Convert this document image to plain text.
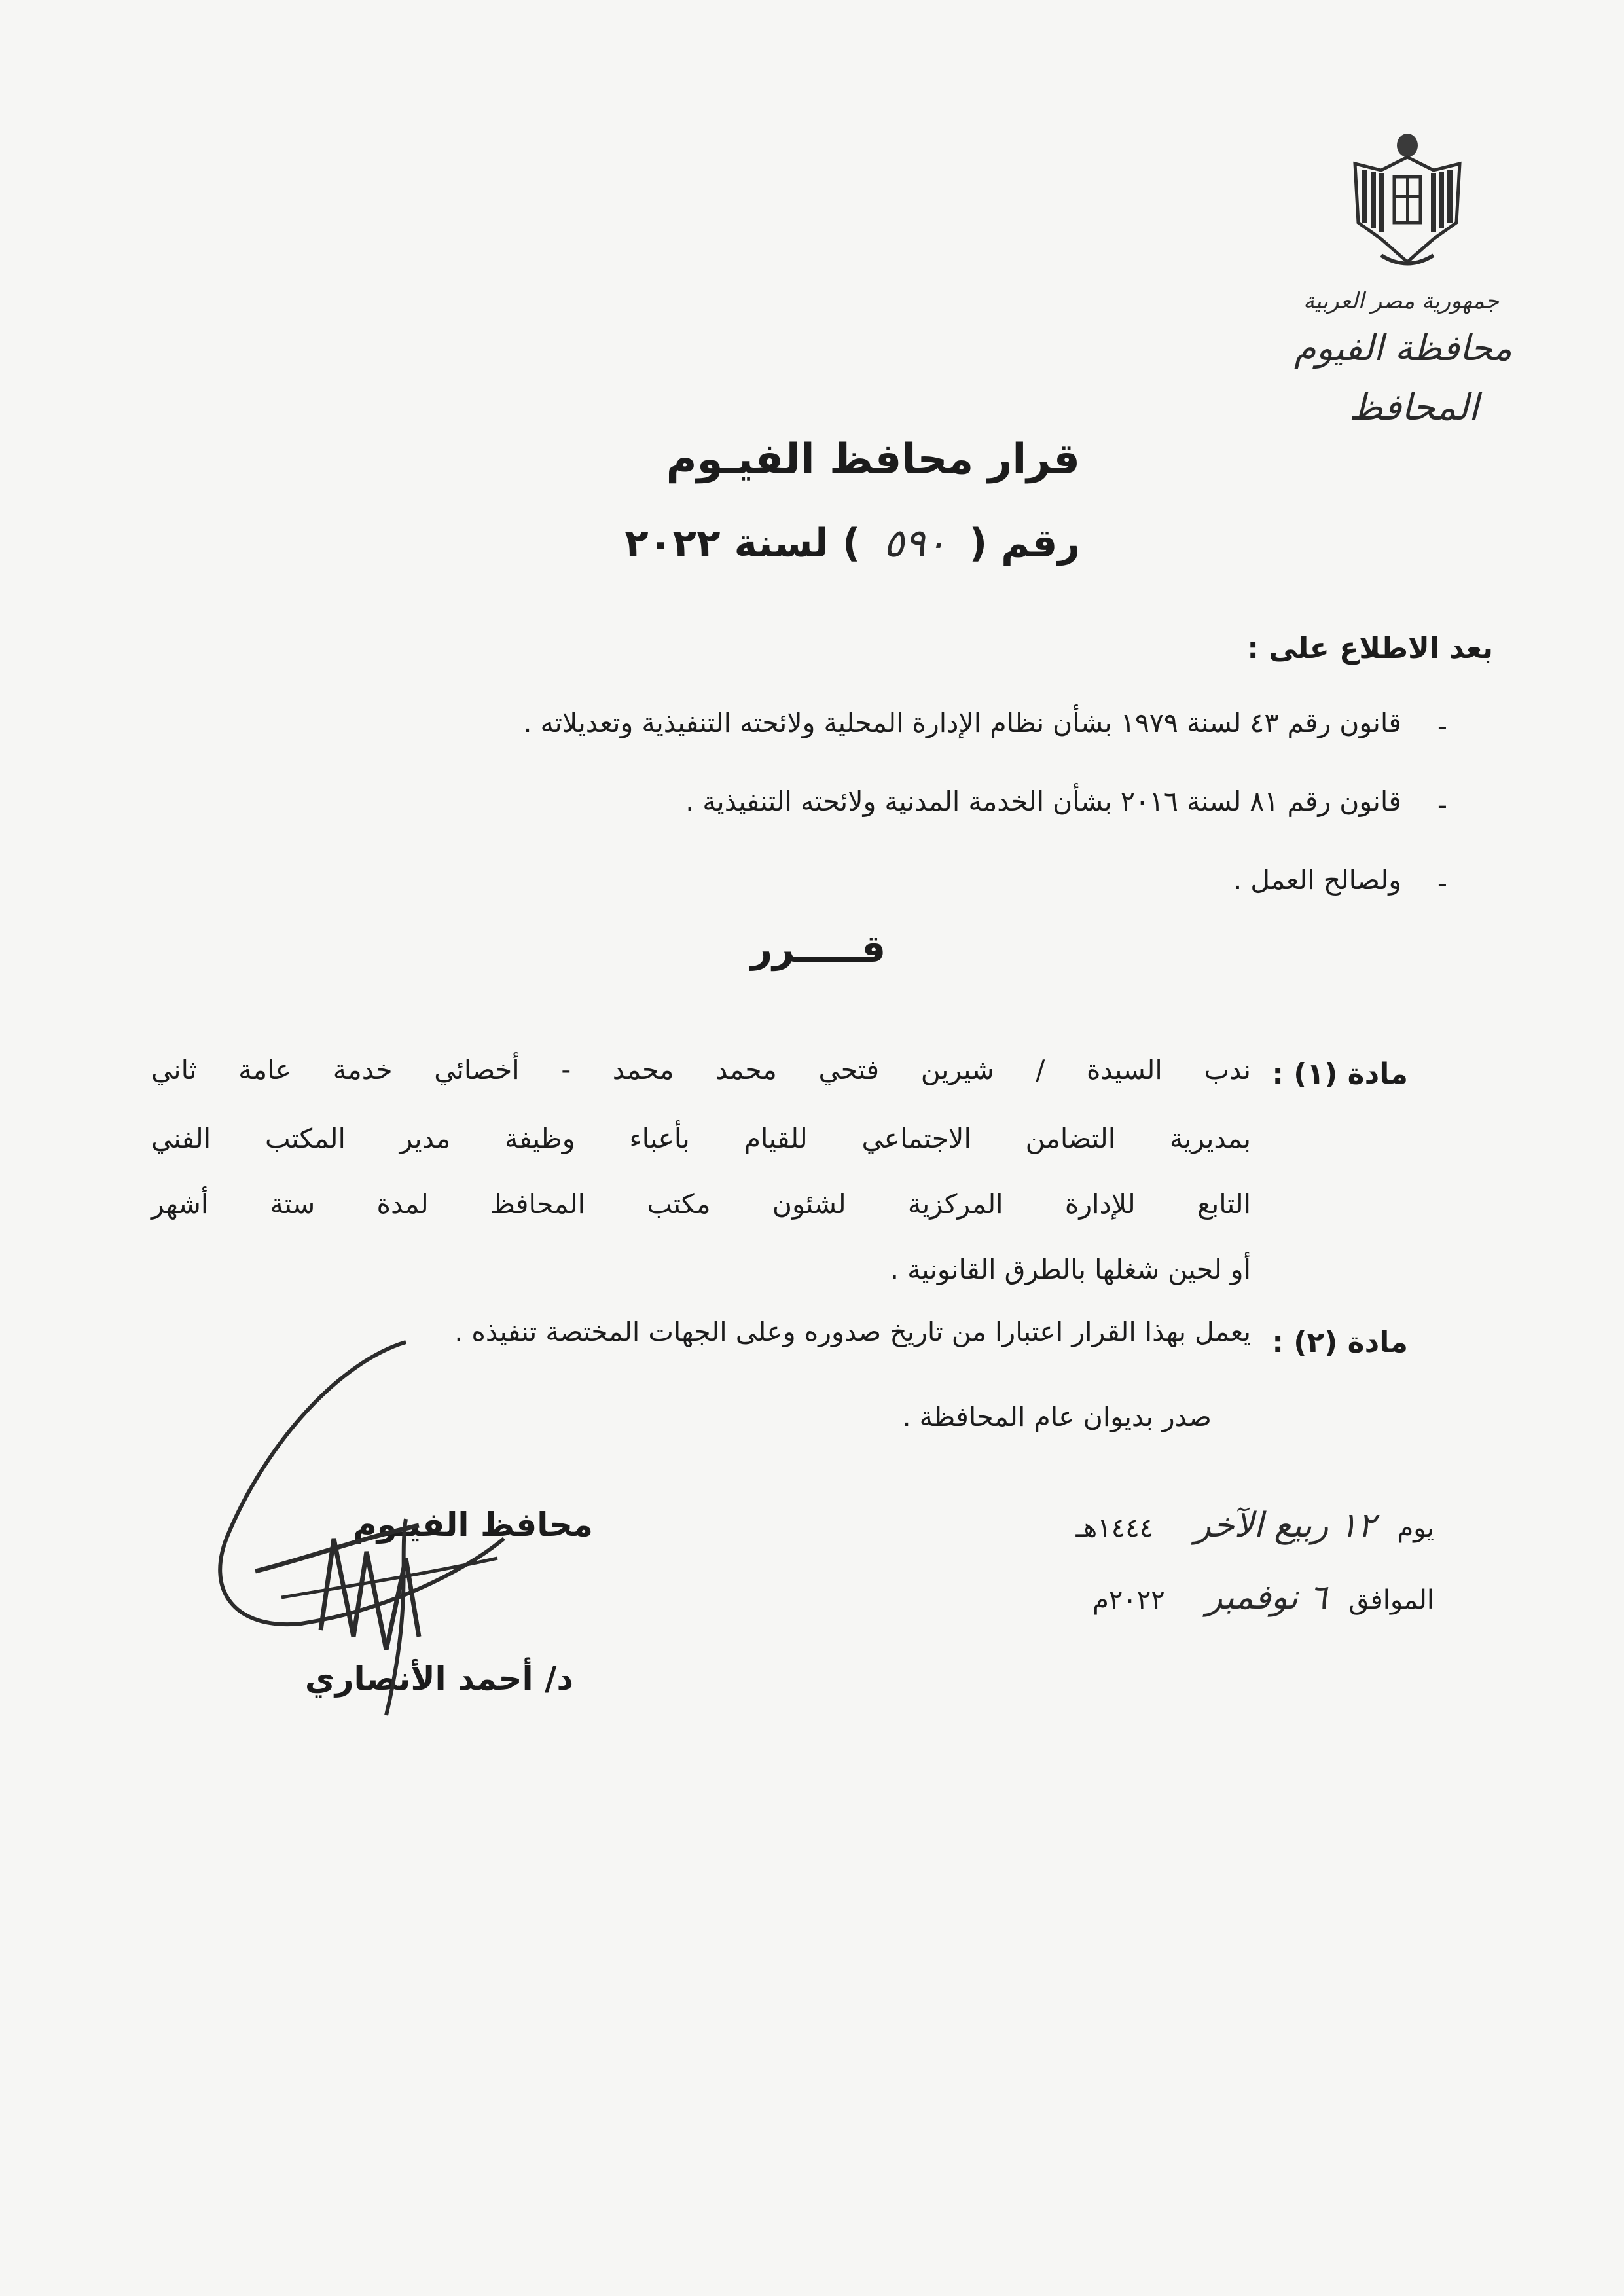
جمهورية مصر العربية
محافظة الفيوم
المحافظ
قرار محافظ الفيـوم
رقم ( ٥٩٠ ) لسنة ٢٠٢٢
بعد الاطلاع على :
-
قانون رقم ٤٣ لسنة ١٩٧٩ بشأن نظام الإدارة المحلية ولائحته التنفيذية وتعديلاته .
-
قانون رقم ٨١ لسنة ٢٠١٦ بشأن الخدمة المدنية ولائحته التنفيذية .
-
ولصالح العمل .
قـــــرر
مادة (١) :
ندب السيدة / شيرين فتحي محمد محمد - أخصائي خدمة عامة ثاني
بمديرية التضامن الاجتماعي للقيام بأعباء وظيفة مدير المكتب الفني
التابع للإدارة المركزية لشئون مكتب المحافظ لمدة ستة أشهر
أو لحين شغلها بالطرق القانونية .
مادة (٢) :
يعمل بهذا القرار اعتبارا من تاريخ صدوره وعلى الجهات المختصة تنفيذه .
صدر بديوان عام المحافظة .
يوم ١٢ ربيع الآخر ١٤٤٤هـ
الموافق ٦ نوفمبر ٢٠٢٢م
محافظ الفيـوم
د/ أحمد الأنصاري
